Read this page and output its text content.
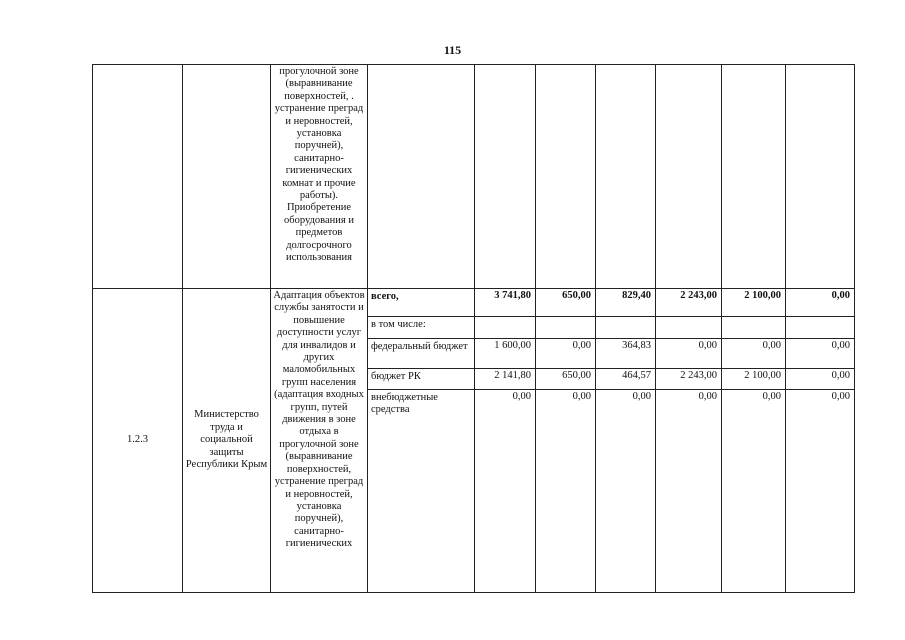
115
		прогулочной зоне (выравнивание поверхностей, . устранение преград и неровностей, установка поручней), санитарно-гигиенических комнат и прочие работы). Приобретение оборудования и предметов долгосрочного использования							
1.2.3	Министерство труда и социальной защиты Республики Крым	Адаптация объектов службы занятости и повышение доступности услуг для инвалидов и других маломобильных групп населения (адаптация входных групп, путей движения в зоне отдыха в прогулочной зоне (выравнивание поверхностей, устранение преград и неровностей, установка поручней), санитарно-гигиенических	всего,	3 741,80	650,00	829,40	2 243,00	2 100,00	0,00
			в том числе:						
			федеральный бюджет	1 600,00	0,00	364,83	0,00	0,00	0,00
			бюджет РК	2 141,80	650,00	464,57	2 243,00	2 100,00	0,00
			внебюджетные средства	0,00	0,00	0,00	0,00	0,00	0,00
